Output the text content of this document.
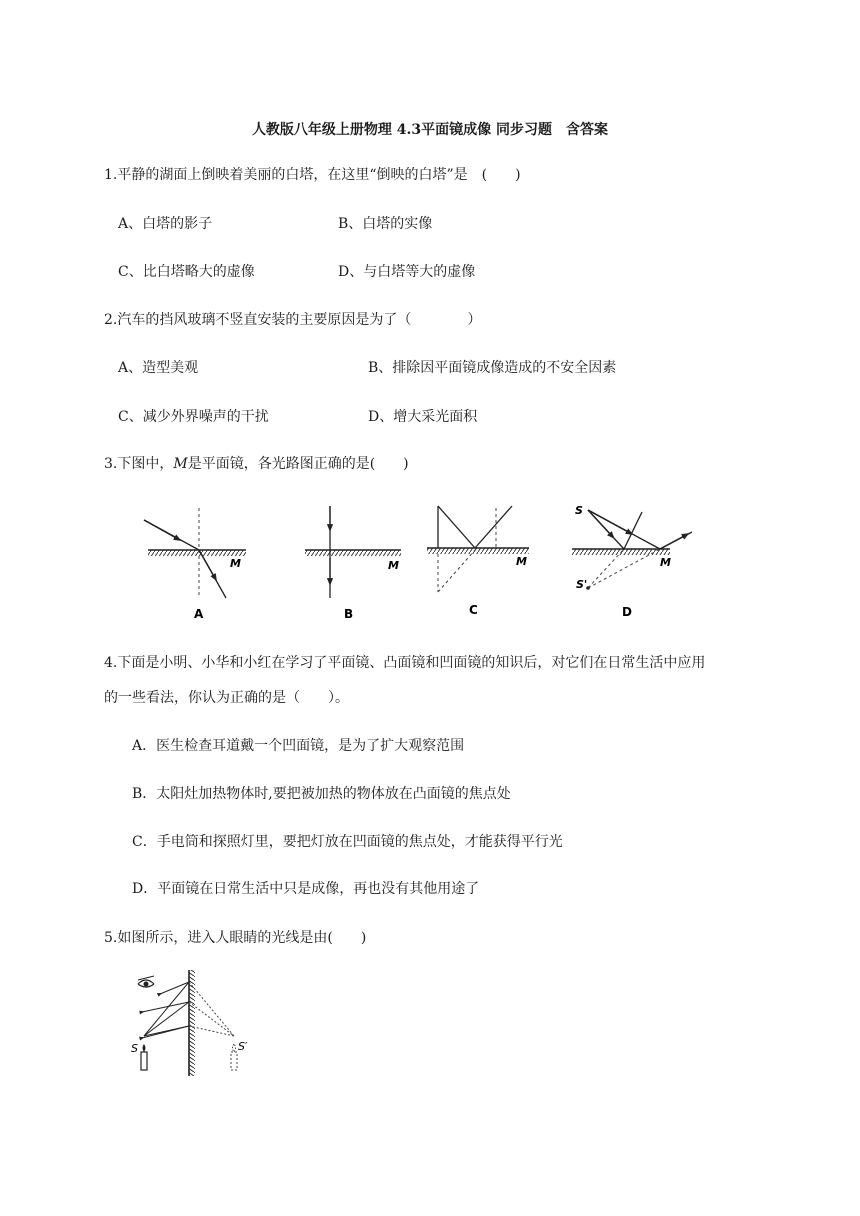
人教版八年级上册物理 4.3平面镜成像 同步习题　含答案
1.平静的湖面上倒映着美丽的白塔，在这里“倒映的白塔”是　(　　)
A、白塔的影子	B、白塔的实像
C、比白塔略大的虚像	D、与白塔等大的虚像
2.汽车的挡风玻璃不竖直安装的主要原因是为了（　　　　）
A、造型美观	B、排除因平面镜成像造成的不安全因素
C、减少外界噪声的干扰	D、增大采光面积
3.下图中，M是平面镜，各光路图正确的是(　　)
M
A
M
B
M
C
S
S'
M
D
4.下面是小明、小华和小红在学习了平面镜、凸面镜和凹面镜的知识后，对它们在日常生活中应用
的一些看法，你认为正确的是（　　）。
A．医生检查耳道戴一个凹面镜，是为了扩大观察范围
B．太阳灶加热物体时,要把被加热的物体放在凸面镜的焦点处
C．手电筒和探照灯里，要把灯放在凹面镜的焦点处，才能获得平行光
D．平面镜在日常生活中只是成像，再也没有其他用途了
5.如图所示，进入人眼睛的光线是由(　　)
S	S′
